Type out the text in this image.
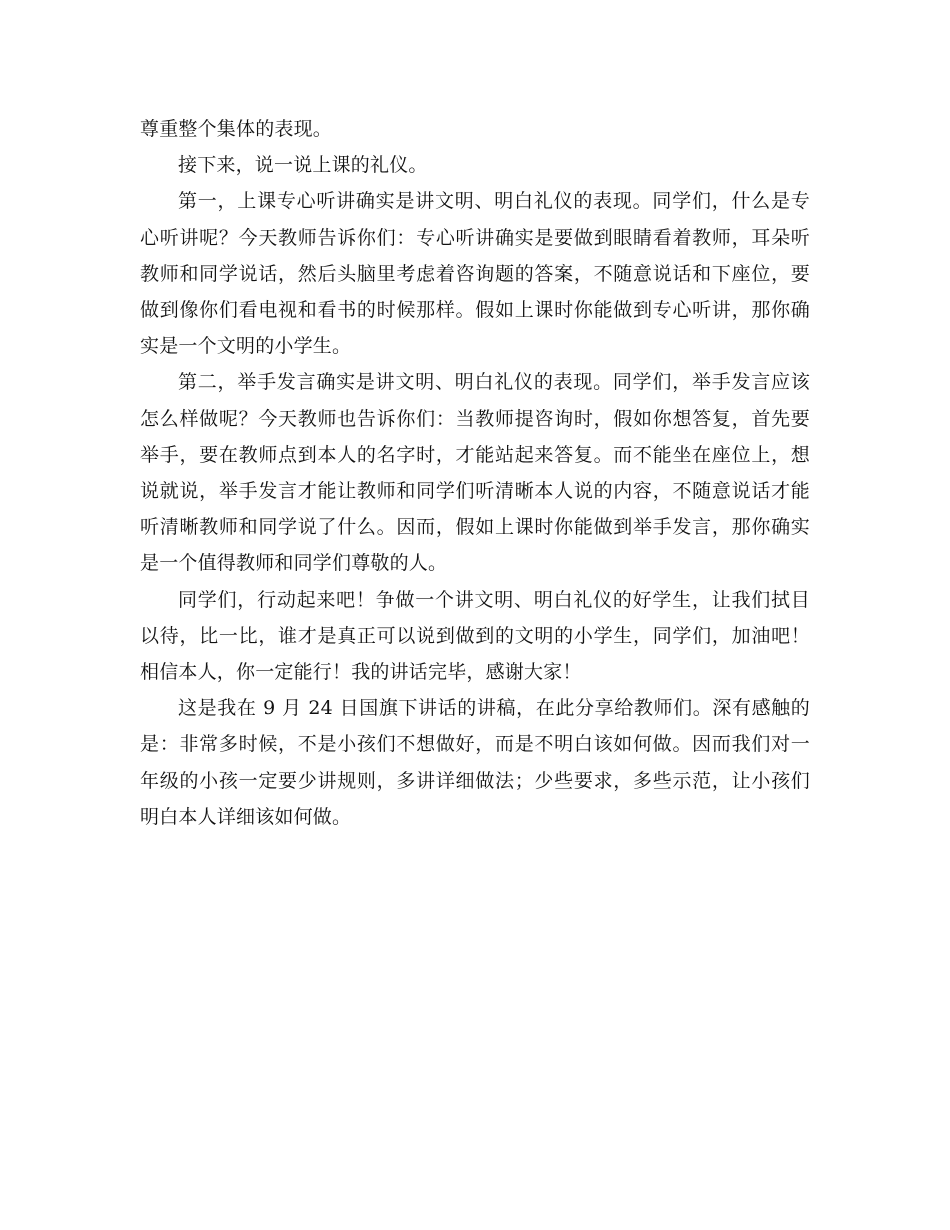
尊重整个集体的表现。

接下来，说一说上课的礼仪。

第一，上课专心听讲确实是讲文明、明白礼仪的表现。同学们，什么是专心听讲呢？今天教师告诉你们：专心听讲确实是要做到眼睛看着教师，耳朵听教师和同学说话，然后头脑里考虑着咨询题的答案，不随意说话和下座位，要做到像你们看电视和看书的时候那样。假如上课时你能做到专心听讲，那你确实是一个文明的小学生。

第二，举手发言确实是讲文明、明白礼仪的表现。同学们，举手发言应该怎么样做呢？今天教师也告诉你们：当教师提咨询时，假如你想答复，首先要举手，要在教师点到本人的名字时，才能站起来答复。而不能坐在座位上，想说就说，举手发言才能让教师和同学们听清晰本人说的内容，不随意说话才能听清晰教师和同学说了什么。因而，假如上课时你能做到举手发言，那你确实是一个值得教师和同学们尊敬的人。

同学们，行动起来吧！争做一个讲文明、明白礼仪的好学生，让我们拭目以待，比一比，谁才是真正可以说到做到的文明的小学生，同学们，加油吧！相信本人，你一定能行！我的讲话完毕，感谢大家！

这是我在 9 月 24 日国旗下讲话的讲稿，在此分享给教师们。深有感触的是：非常多时候，不是小孩们不想做好，而是不明白该如何做。因而我们对一年级的小孩一定要少讲规则，多讲详细做法；少些要求，多些示范，让小孩们明白本人详细该如何做。
